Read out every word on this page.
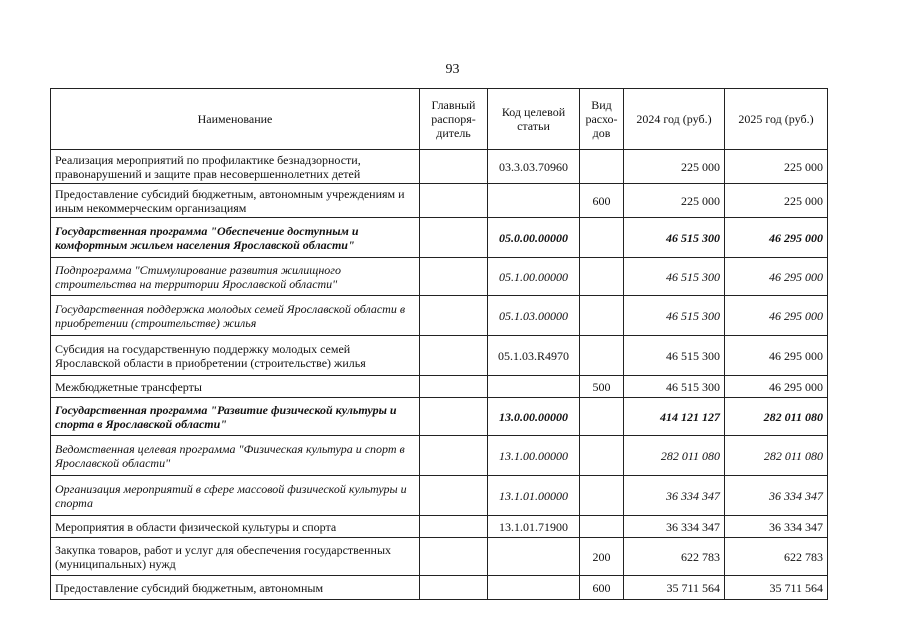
93
Наименование	Главный распоря-дитель	Код целевой статьи	Вид расхо-дов	2024 год (руб.)	2025 год (руб.)
Реализация мероприятий по профилактике безнадзорности, правонарушений и защите прав несовершеннолетних детей		03.3.03.70960		225 000	225 000
Предоставление субсидий бюджетным, автономным учреждениям и иным некоммерческим организациям			600	225 000	225 000
Государственная программа "Обеспечение доступным и комфортным жильем населения Ярославской области"		05.0.00.00000		46 515 300	46 295 000
Подпрограмма "Стимулирование развития жилищного строительства на территории Ярославской области"		05.1.00.00000		46 515 300	46 295 000
Государственная поддержка молодых семей Ярославской области в приобретении (строительстве) жилья		05.1.03.00000		46 515 300	46 295 000
Субсидия на государственную поддержку молодых семей Ярославской области в приобретении (строительстве) жилья		05.1.03.R4970		46 515 300	46 295 000
Межбюджетные трансферты			500	46 515 300	46 295 000
Государственная программа "Развитие физической культуры и спорта в Ярославской области"		13.0.00.00000		414 121 127	282 011 080
Ведомственная целевая программа "Физическая культура и спорт в Ярославской области"		13.1.00.00000		282 011 080	282 011 080
Организация мероприятий в сфере массовой физической культуры и спорта		13.1.01.00000		36 334 347	36 334 347
Мероприятия в области физической культуры и спорта		13.1.01.71900		36 334 347	36 334 347
Закупка товаров, работ и услуг для обеспечения государственных (муниципальных) нужд			200	622 783	622 783
Предоставление субсидий бюджетным, автономным			600	35 711 564	35 711 564
